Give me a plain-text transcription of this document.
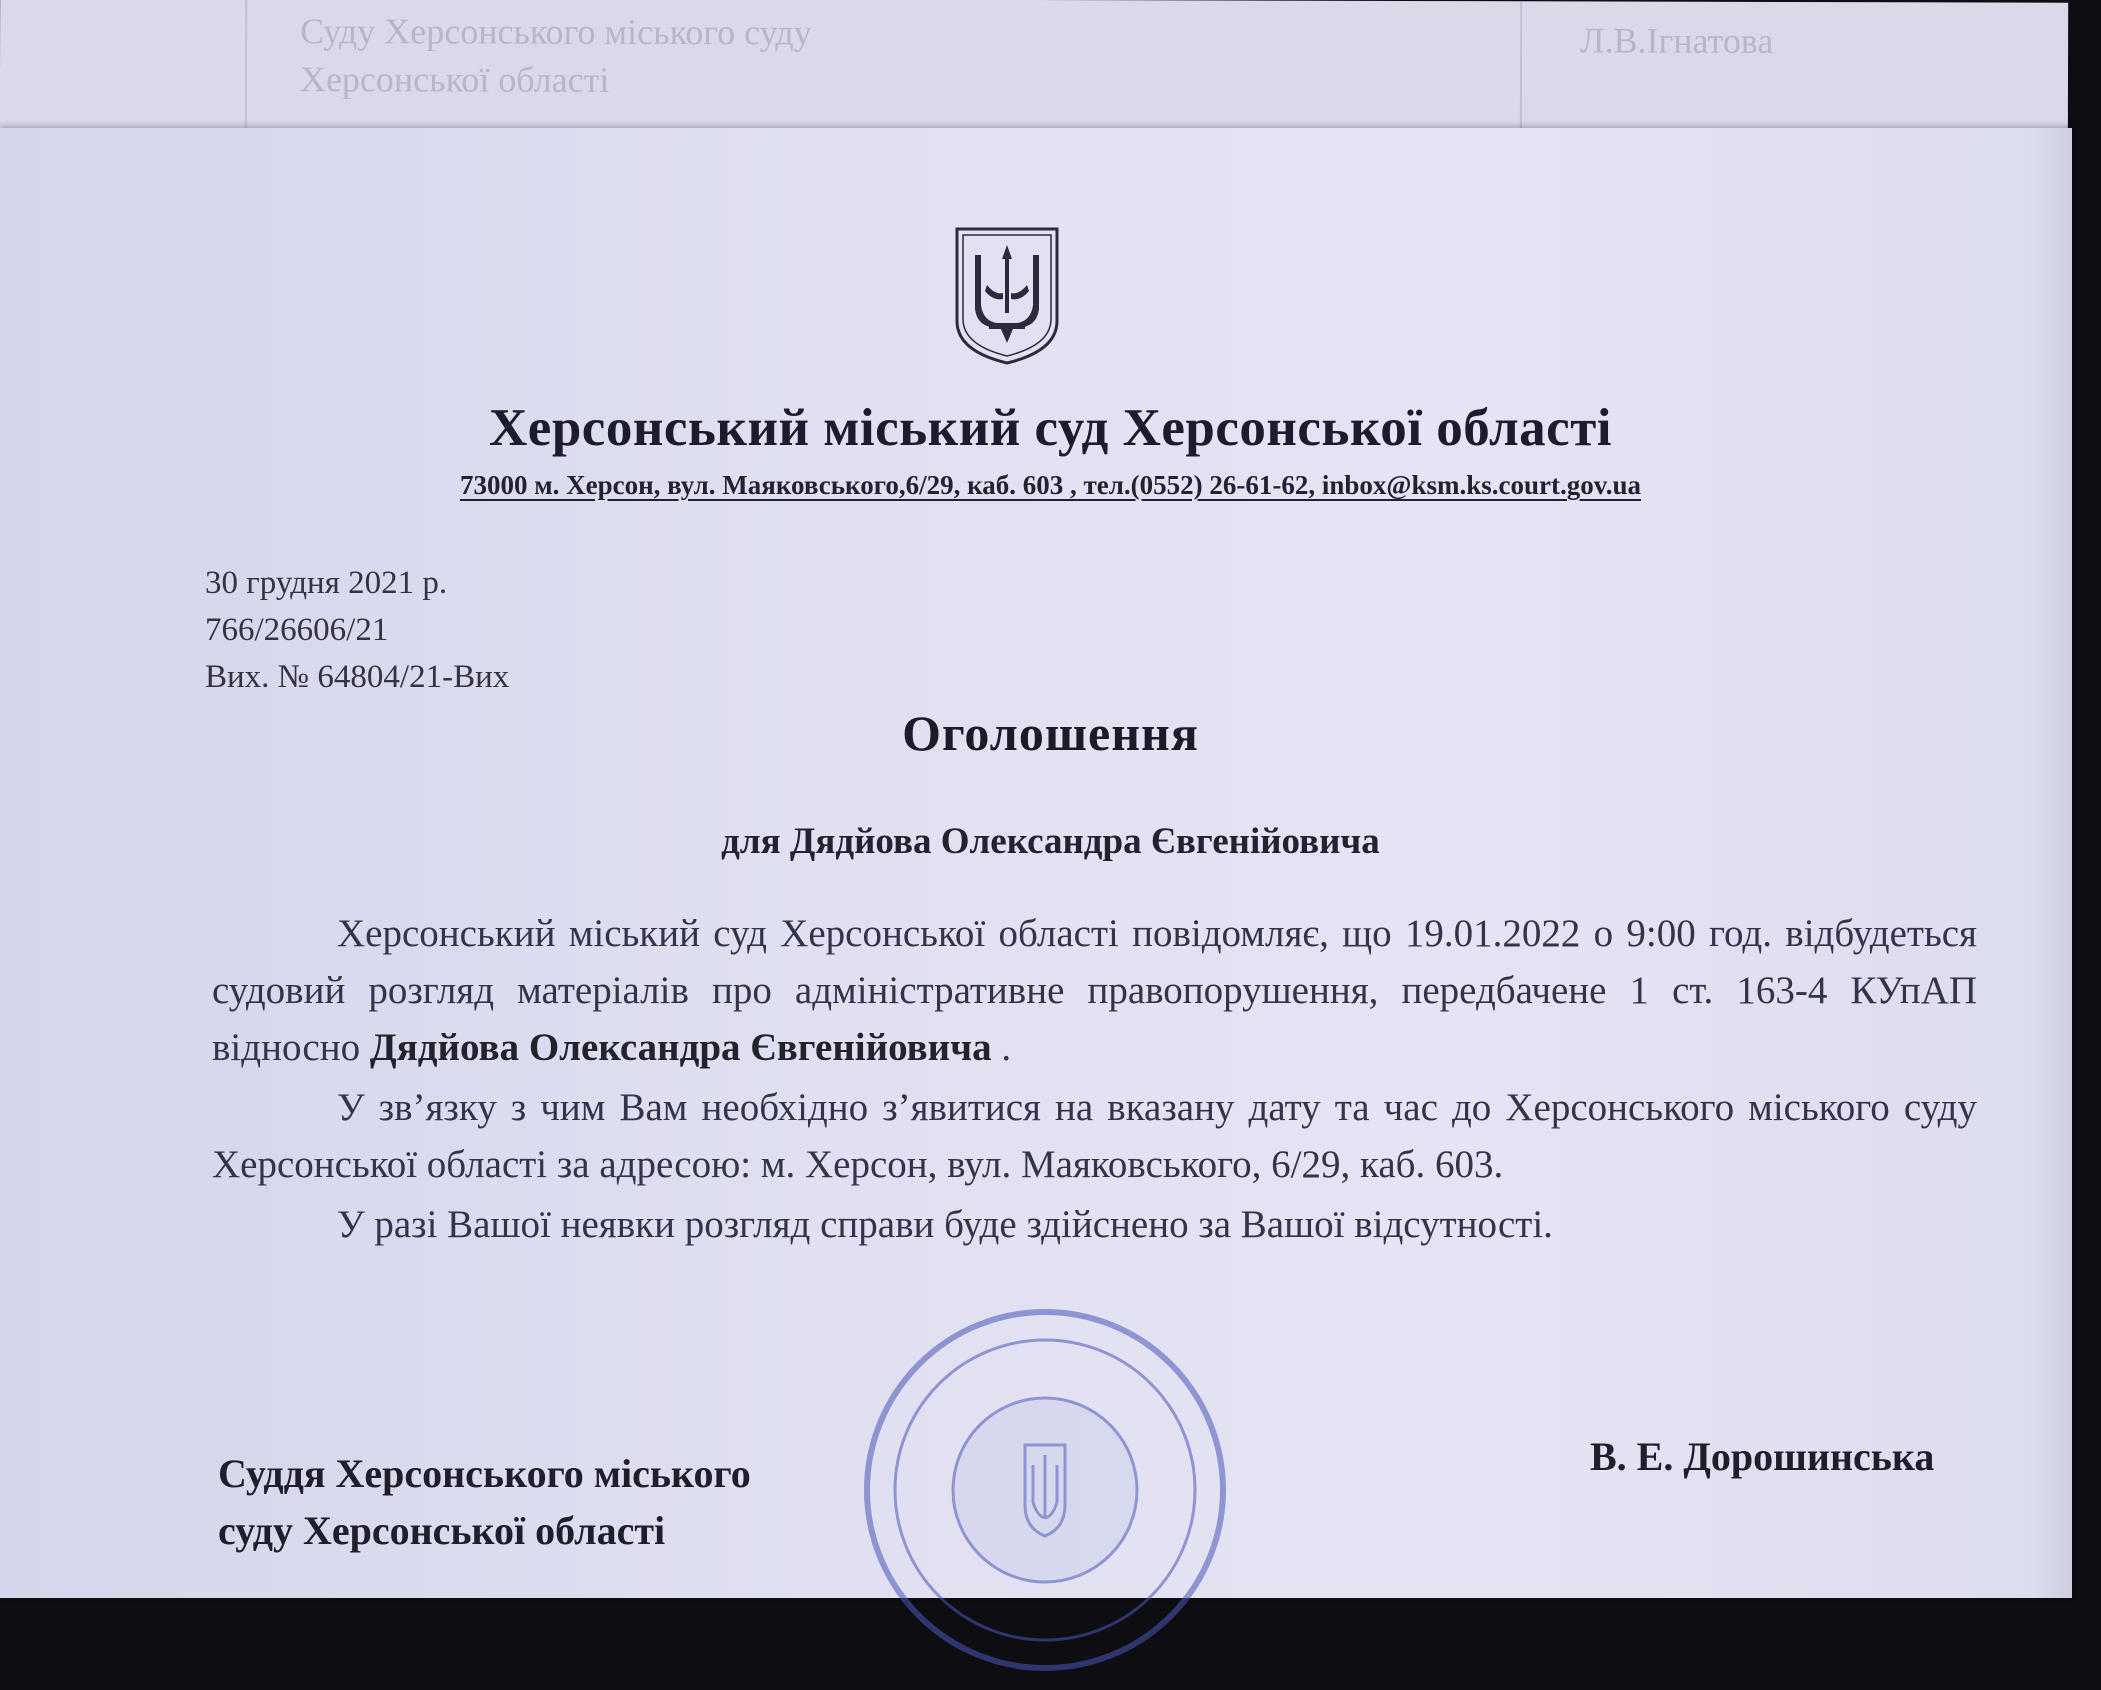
Суду Херсонського міського суду
Херсонської області
Л.В.Ігнатова
Херсонський міський суд Херсонської області
73000 м. Херсон, вул. Маяковського,6/29, каб. 603 , тел.(0552) 26-61-62, inbox@ksm.ks.court.gov.ua
30 грудня 2021 р.
766/26606/21
Вих. № 64804/21-Вих
Оголошення
для Дядйова Олександра Євгенійовича

Херсонський міський суд Херсонської області повідомляє, що 19.01.2022 о 9:00 год. відбудеться судовий розгляд матеріалів про адміністративне правопорушення, передбачене 1 ст. 163-4 КУпАП відносно Дядйова Олександра Євгенійовича .

У зв’язку з чим Вам необхідно з’явитися на вказану дату та час до Херсонського міського суду Херсонської області за адресою: м. Херсон, вул. Маяковського, 6/29, каб. 603.

У разі Вашої неявки розгляд справи буде здійснено за Вашої відсутності.

Суддя Херсонського міського
суду Херсонської області
В. Е. Дорошинська
